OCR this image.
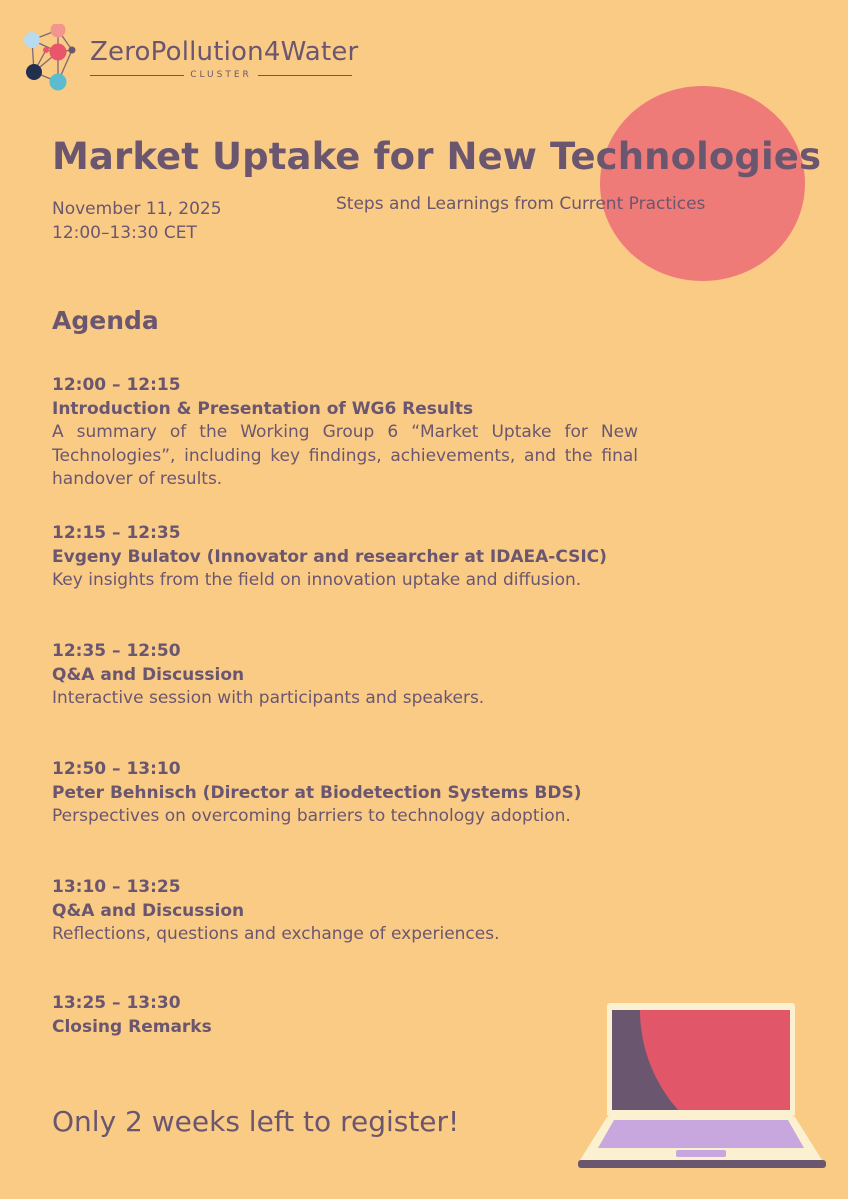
ZeroPollution4Water
CLUSTER
Market Uptake for New Technologies
November 11, 2025
12:00–13:30 CET
Steps and Learnings from Current Practices
Agenda
12:00 – 12:15
Introduction & Presentation of WG6 Results
A summary of the Working Group 6 “Market Uptake for New Technologies”, including key findings, achievements, and the final handover of results.
12:15 – 12:35
Evgeny Bulatov (Innovator and researcher at IDAEA-CSIC)
Key insights from the field on innovation uptake and diffusion.
12:35 – 12:50
Q&A and Discussion
Interactive session with participants and speakers.
12:50 – 13:10
Peter Behnisch (Director at Biodetection Systems BDS)
Perspectives on overcoming barriers to technology adoption.
13:10 – 13:25
Q&A and Discussion
Reflections, questions and exchange of experiences.
13:25 – 13:30
Closing Remarks
Only 2 weeks left to register!
